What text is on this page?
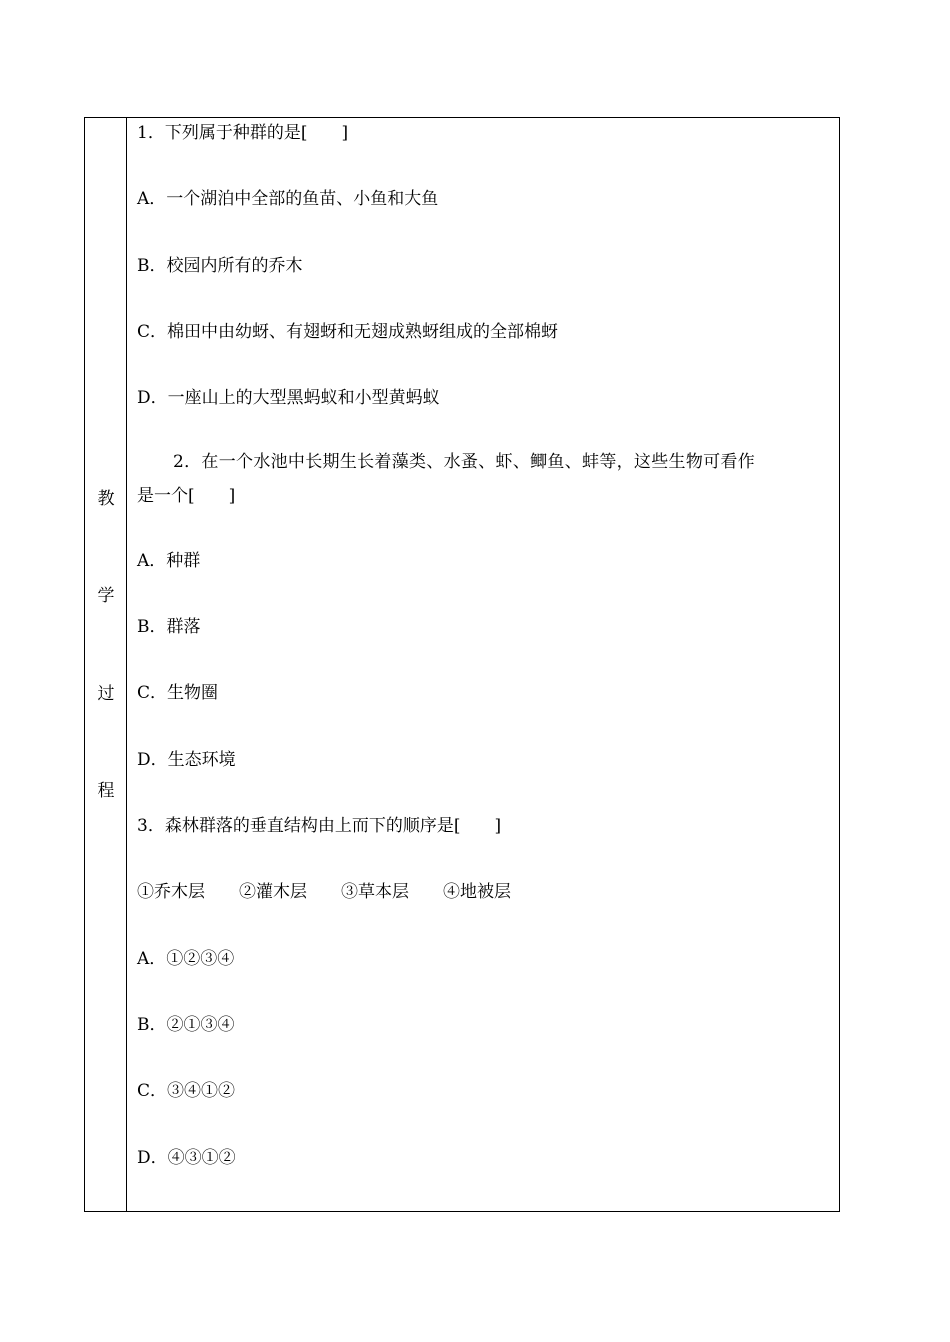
教
学
过
程
1．下列属于种群的是[　　]
A．一个湖泊中全部的鱼苗、小鱼和大鱼
B．校园内所有的乔木
C．棉田中由幼蚜、有翅蚜和无翅成熟蚜组成的全部棉蚜
D．一座山上的大型黑蚂蚁和小型黄蚂蚁
2．在一个水池中长期生长着藻类、水蚤、虾、鲫鱼、蚌等，这些生物可看作
是一个[　　]
A．种群
B．群落
C．生物圈
D．生态环境
3．森林群落的垂直结构由上而下的顺序是[　　]
①乔木层　　②灌木层　　③草本层　　④地被层
A．①②③④
B．②①③④
C．③④①②
D．④③①②
